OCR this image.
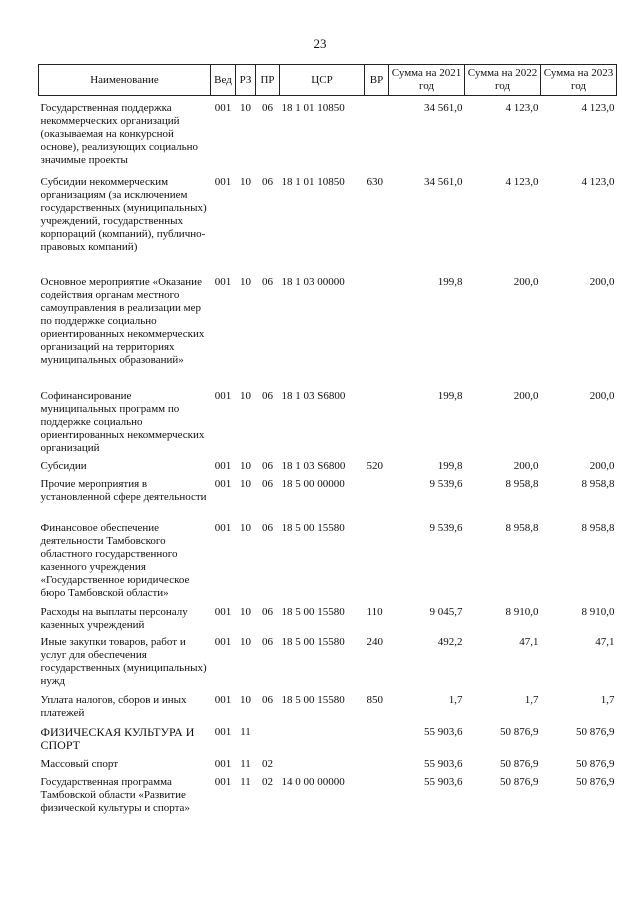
23
Наименование	Вед	РЗ	ПР	ЦСР	ВР	Сумма на 2021 год	Сумма на 2022 год	Сумма на 2023 год

Государственная поддержка некоммерческих организаций (оказываемая на конкурсной основе), реализующих социально значимые проекты	001	10	06	18 1 01 10850		34 561,0	4 123,0	4 123,0
Субсидии некоммерческим организациям (за исключением государственных (муниципальных) учреждений, государственных корпораций (компаний), публично-правовых компаний)	001	10	06	18 1 01 10850	630	34 561,0	4 123,0	4 123,0
Основное мероприятие «Оказание содействия органам местного самоуправления в реализации мер по поддержке социально ориентированных некоммерческих организаций на территориях муниципальных образований»	001	10	06	18 1 03 00000		199,8	200,0	200,0
Софинансирование муниципальных программ по поддержке социально ориентированных некоммерческих организаций	001	10	06	18 1 03 S6800		199,8	200,0	200,0
Субсидии	001	10	06	18 1 03 S6800	520	199,8	200,0	200,0
Прочие мероприятия в установленной сфере деятельности	001	10	06	18 5 00 00000		9 539,6	8 958,8	8 958,8
Финансовое обеспечение деятельности Тамбовского областного государственного казенного учреждения «Государственное юридическое бюро Тамбовской области»	001	10	06	18 5 00 15580		9 539,6	8 958,8	8 958,8
Расходы на выплаты персоналу казенных учреждений	001	10	06	18 5 00 15580	110	9 045,7	8 910,0	8 910,0
Иные закупки товаров, работ и услуг для обеспечения государственных (муниципальных) нужд	001	10	06	18 5 00 15580	240	492,2	47,1	47,1
Уплата налогов, сборов и иных платежей	001	10	06	18 5 00 15580	850	1,7	1,7	1,7
ФИЗИЧЕСКАЯ КУЛЬТУРА И СПОРТ	001	11				55 903,6	50 876,9	50 876,9
Массовый спорт	001	11	02			55 903,6	50 876,9	50 876,9
Государственная программа Тамбовской области «Развитие физической культуры и спорта»	001	11	02	14 0 00 00000		55 903,6	50 876,9	50 876,9
